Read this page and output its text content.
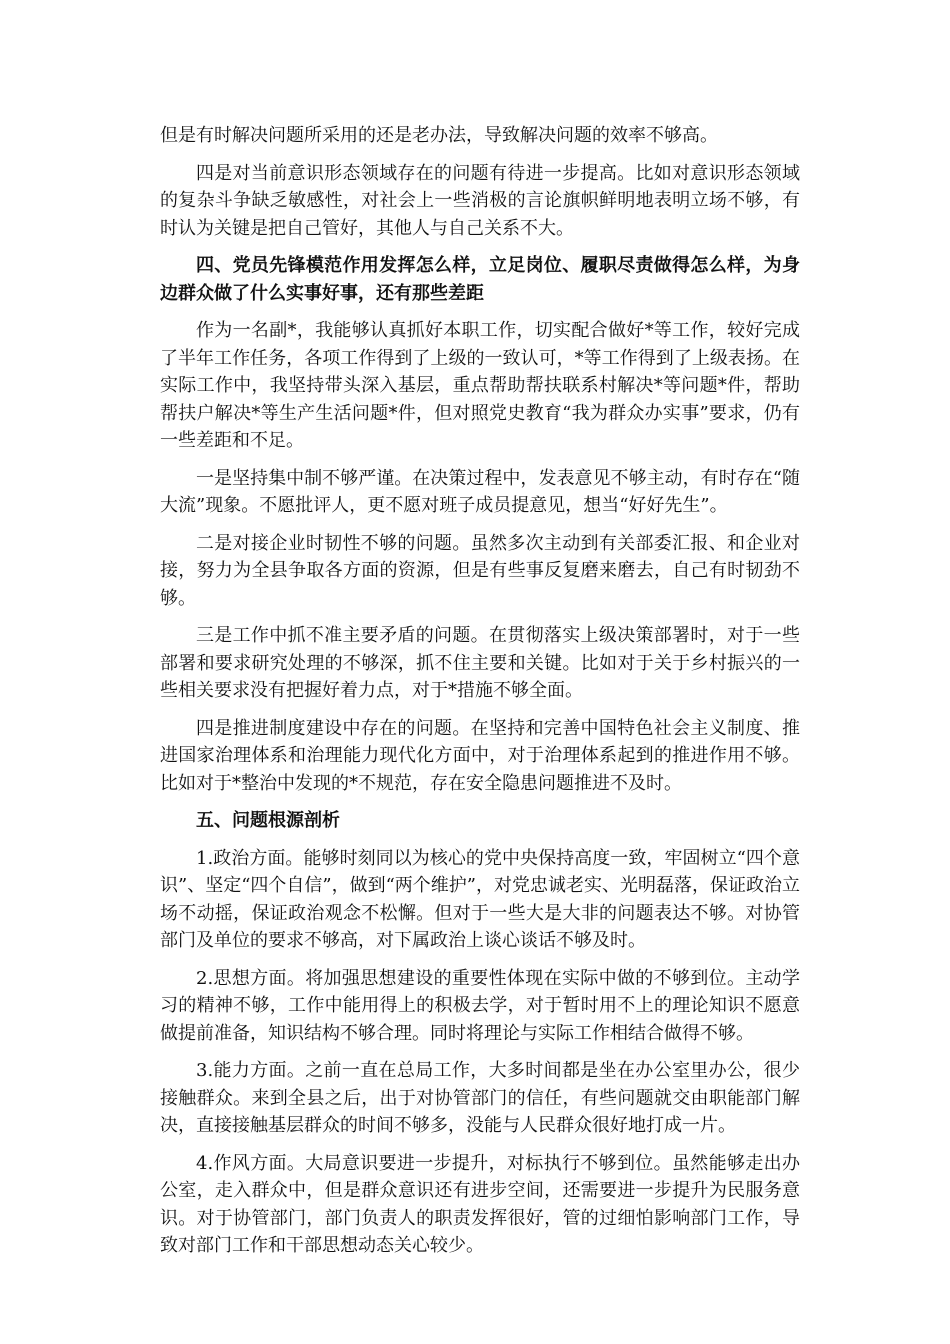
但是有时解决问题所采用的还是老办法，导致解决问题的效率不够高。

四是对当前意识形态领域存在的问题有待进一步提高。比如对意识形态领域的复杂斗争缺乏敏感性，对社会上一些消极的言论旗帜鲜明地表明立场不够，有时认为关键是把自己管好，其他人与自己关系不大。

四、党员先锋模范作用发挥怎么样，立足岗位、履职尽责做得怎么样，为身边群众做了什么实事好事，还有那些差距

作为一名副*，我能够认真抓好本职工作，切实配合做好*等工作，较好完成了半年工作任务，各项工作得到了上级的一致认可，*等工作得到了上级表扬。在实际工作中，我坚持带头深入基层，重点帮助帮扶联系村解决*等问题*件，帮助帮扶户解决*等生产生活问题*件，但对照党史教育“我为群众办实事”要求，仍有一些差距和不足。

一是坚持集中制不够严谨。在决策过程中，发表意见不够主动，有时存在“随大流”现象。不愿批评人，更不愿对班子成员提意见，想当“好好先生”。

二是对接企业时韧性不够的问题。虽然多次主动到有关部委汇报、和企业对接，努力为全县争取各方面的资源，但是有些事反复磨来磨去，自己有时韧劲不够。

三是工作中抓不准主要矛盾的问题。在贯彻落实上级决策部署时，对于一些部署和要求研究处理的不够深，抓不住主要和关键。比如对于关于乡村振兴的一些相关要求没有把握好着力点，对于*措施不够全面。

四是推进制度建设中存在的问题。在坚持和完善中国特色社会主义制度、推进国家治理体系和治理能力现代化方面中，对于治理体系起到的推进作用不够。比如对于*整治中发现的*不规范，存在安全隐患问题推进不及时。

五、问题根源剖析

1.政治方面。能够时刻同以为核心的党中央保持高度一致，牢固树立“四个意识”、坚定“四个自信”，做到“两个维护”，对党忠诚老实、光明磊落，保证政治立场不动摇，保证政治观念不松懈。但对于一些大是大非的问题表达不够。对协管部门及单位的要求不够高，对下属政治上谈心谈话不够及时。

2.思想方面。将加强思想建设的重要性体现在实际中做的不够到位。主动学习的精神不够，工作中能用得上的积极去学，对于暂时用不上的理论知识不愿意做提前准备，知识结构不够合理。同时将理论与实际工作相结合做得不够。

3.能力方面。之前一直在总局工作，大多时间都是坐在办公室里办公，很少接触群众。来到全县之后，出于对协管部门的信任，有些问题就交由职能部门解决，直接接触基层群众的时间不够多，没能与人民群众很好地打成一片。

4.作风方面。大局意识要进一步提升，对标执行不够到位。虽然能够走出办公室，走入群众中，但是群众意识还有进步空间，还需要进一步提升为民服务意识。对于协管部门，部门负责人的职责发挥很好，管的过细怕影响部门工作，导致对部门工作和干部思想动态关心较少。
